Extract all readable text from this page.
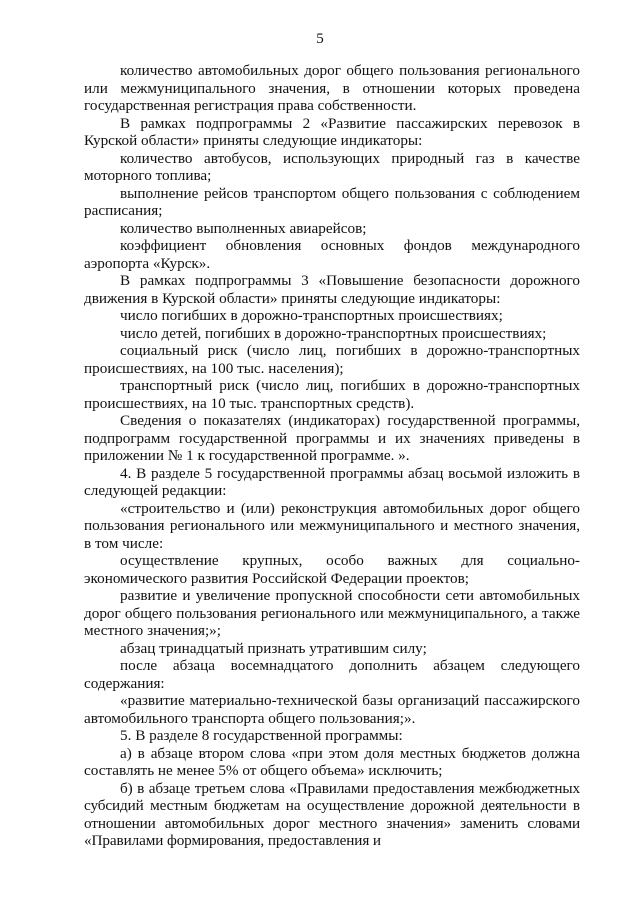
5

количество автомобильных дорог общего пользования регионального или межмуниципального значения, в отношении которых проведена государственная регистрация права собственности.

В рамках подпрограммы 2 «Развитие пассажирских перевозок в Курской области» приняты следующие индикаторы:

количество автобусов, использующих природный газ в качестве моторного топлива;

выполнение рейсов транспортом общего пользования с соблюдением расписания;

количество выполненных авиарейсов;

коэффициент обновления основных фондов международного аэропорта «Курск».

В рамках подпрограммы 3 «Повышение безопасности дорожного движения в Курской области» приняты следующие индикаторы:

число погибших в дорожно-транспортных происшествиях;

число детей, погибших в дорожно-транспортных происшествиях;

социальный риск (число лиц, погибших в дорожно-транспортных происшествиях, на 100 тыс. населения);

транспортный риск (число лиц, погибших в дорожно-транспортных происшествиях, на 10 тыс. транспортных средств).

Сведения о показателях (индикаторах) государственной программы, подпрограмм государственной программы и их значениях приведены в приложении № 1 к государственной программе. ».

4. В разделе 5 государственной программы абзац восьмой изложить в следующей редакции:

«строительство и (или) реконструкция автомобильных дорог общего пользования регионального или межмуниципального и местного значения, в том числе:

осуществление крупных, особо важных для социально-экономического развития Российской Федерации проектов;

развитие и увеличение пропускной способности сети автомобильных дорог общего пользования регионального или межмуниципального, а также местного значения;»;

абзац тринадцатый признать утратившим силу;

после абзаца восемнадцатого дополнить абзацем следующего содержания:

«развитие материально-технической базы организаций пассажирского автомобильного транспорта общего пользования;».

5. В разделе 8 государственной программы:

а) в абзаце втором слова «при этом доля местных бюджетов должна составлять не менее 5% от общего объема» исключить;

б) в абзаце третьем слова «Правилами предоставления межбюджетных субсидий местным бюджетам на осуществление дорожной деятельности в отношении автомобильных дорог местного значения» заменить словами «Правилами формирования, предоставления и
